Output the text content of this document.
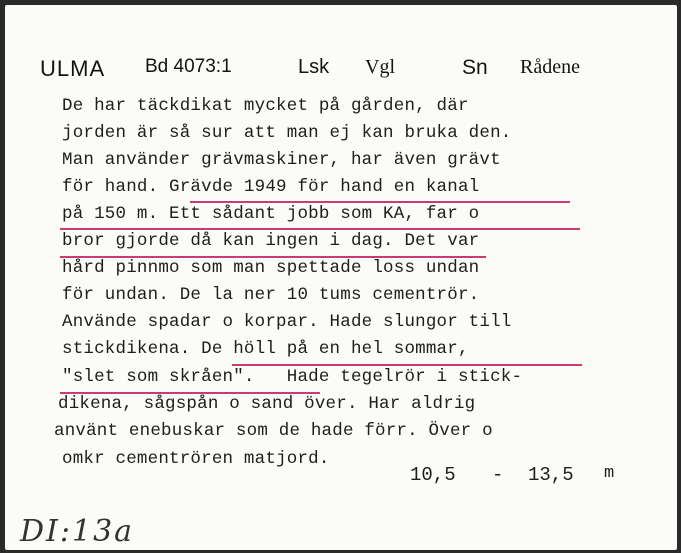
ULMA Bd 4073:1	Lsk Vgl	Sn Rådene
De har täckdikat mycket på gården, där
jorden är så sur att man ej kan bruka den.
Man använder grävmaskiner, har även grävt
för hand. Grävde 1949 för hand en kanal
på 150 m. Ett sådant jobb som KA, far o
bror gjorde då kan ingen i dag. Det var
hård pinnmo som man spettade loss undan
för undan. De la ner 10 tums cementrör.
Använde spadar o korpar. Hade slungor till
stickdikena. De höll på en hel sommar,
"slet som skråen".   Hade tegelrör i stick-
dikena, sågspån o sand över. Har aldrig
använt enebuskar som de hade förr. Över o
omkr cementrören matjord.
10,5 - 13,5 m
DI:13a
